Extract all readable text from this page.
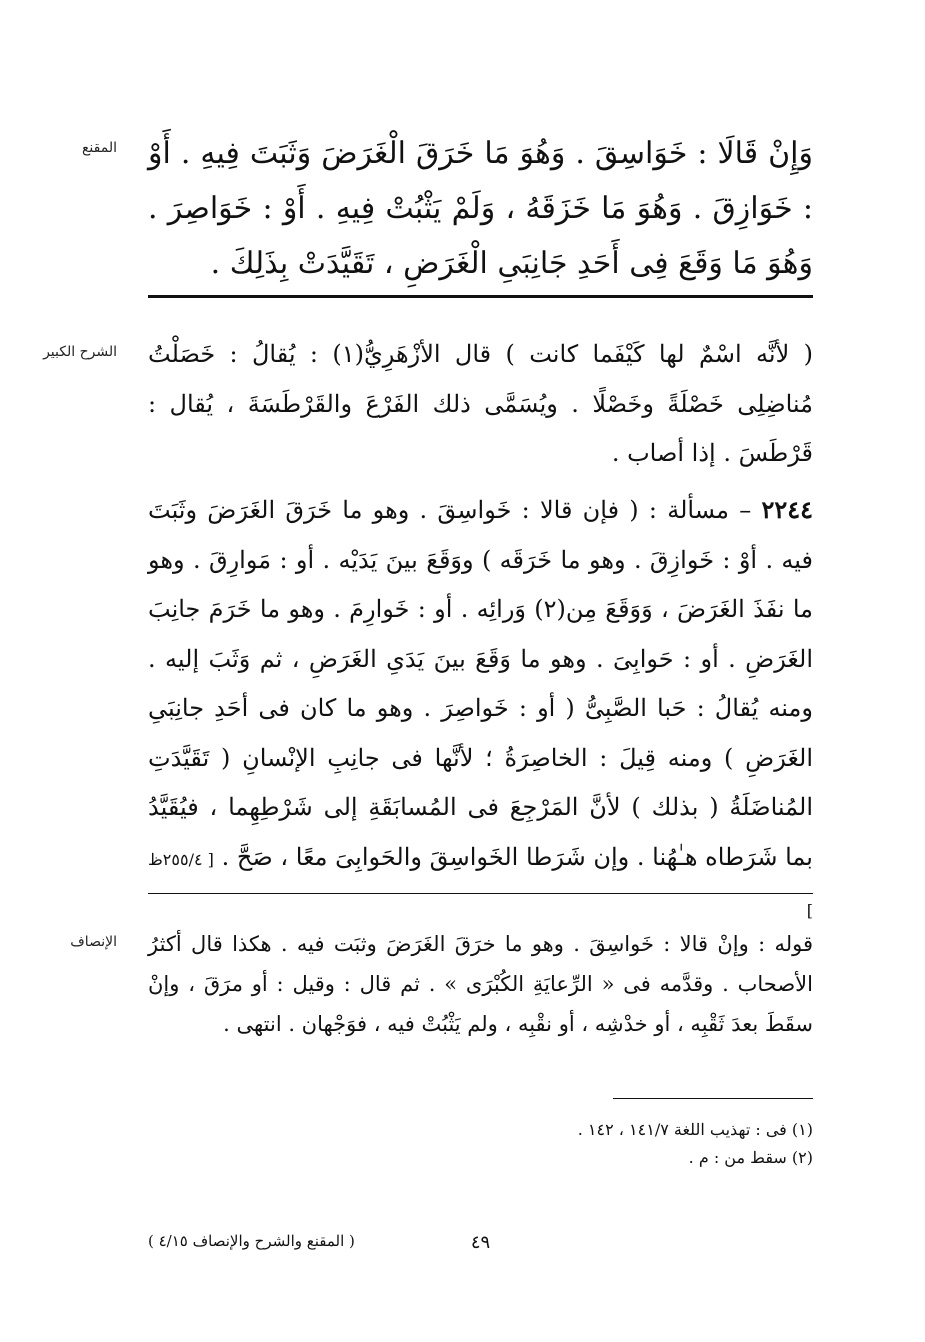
المقنع وَإِنْ قَالَا : خَوَاسِقَ . وَهُوَ مَا خَرَقَ الْغَرَضَ وَثَبَتَ فِيهِ . أَوْ : خَوَازِقَ . وَهُوَ مَا خَزَقَهُ ، وَلَمْ يَثْبُتْ فِيهِ . أَوْ : خَوَاصِرَ . وَهُوَ مَا وَقَعَ فِى أَحَدِ جَانِبَىِ الْغَرَضِ ، تَقَيَّدَتْ بِذَلِكَ .

الشرح الكبير ( لأنَّه اسْمٌ لها كَيْفَما كانت ) قال الأزْهَرِيُّ(١) : يُقالُ : خَصَلْتُ مُناضِلِى خَصْلَةً وخَصْلًا . ويُسَمَّى ذلك الفَرْعَ والقَرْطَسَةَ ، يُقال : قَرْطَسَ . إذا أصاب .

٢٢٤٤ – مسألة : ( فإن قالا : خَواسِقَ . وهو ما خَرَقَ الغَرَضَ وثَبَتَ فيه . أوْ : خَوازِقَ . وهو ما خَرَقَه ) ووَقَعَ بينَ يَدَيْه . أو : مَوارِقَ . وهو ما نفَذَ الغَرَضَ ، وَوَقَعَ مِن(٢) وَرائِه . أو : خَوارِمَ . وهو ما خَرَمَ جانِبَ الغَرَضِ . أو : حَوابِىَ . وهو ما وَقَعَ بينَ يَدَىِ الغَرَضِ ، ثم وَثَبَ إليه . ومنه يُقالُ : حَبا الصَّبِىُّ ( أو : خَواصِرَ . وهو ما كان فى أحَدِ جانِبَىِ الغَرَضِ ) ومنه قِيلَ : الخاصِرَةُ ؛ لأنَّها فى جانِبِ الإنْسانِ ( تَقَيَّدَتِ المُناضَلَةُ ( بذلك ) لأنَّ المَرْجِعَ فى المُسابَقَةِ إلى شَرْطِهِما ، فيُقَيَّدُ بما شَرَطاه هـٰهُنا . وإن شَرَطا الخَواسِقَ والحَوابِىَ معًا ، صَحَّ . [ ٢٥٥/٤ظ ]

الإنصاف قوله : وإنْ قالا : خَواسِقَ . وهو ما خرَقَ الغَرَضَ وثبَت فيه . هكذا قال أكثرُ الأصحاب . وقدَّمه فى « الرِّعايَةِ الكُبْرَى » . ثم قال : وقيل : أو مرَقَ ، وإنْ سقَطَ بعدَ ثَقْبِه ، أو خدْشِه ، أو نقْبِه ، ولم يَثْبُتْ فيه ، فوَجْهان . انتهى .

(١) فى : تهذيب اللغة ١٤١/٧ ، ١٤٢ .

(٢) سقط من : م .

٤٩
( المقنع والشرح والإنصاف ٤/١٥ )
